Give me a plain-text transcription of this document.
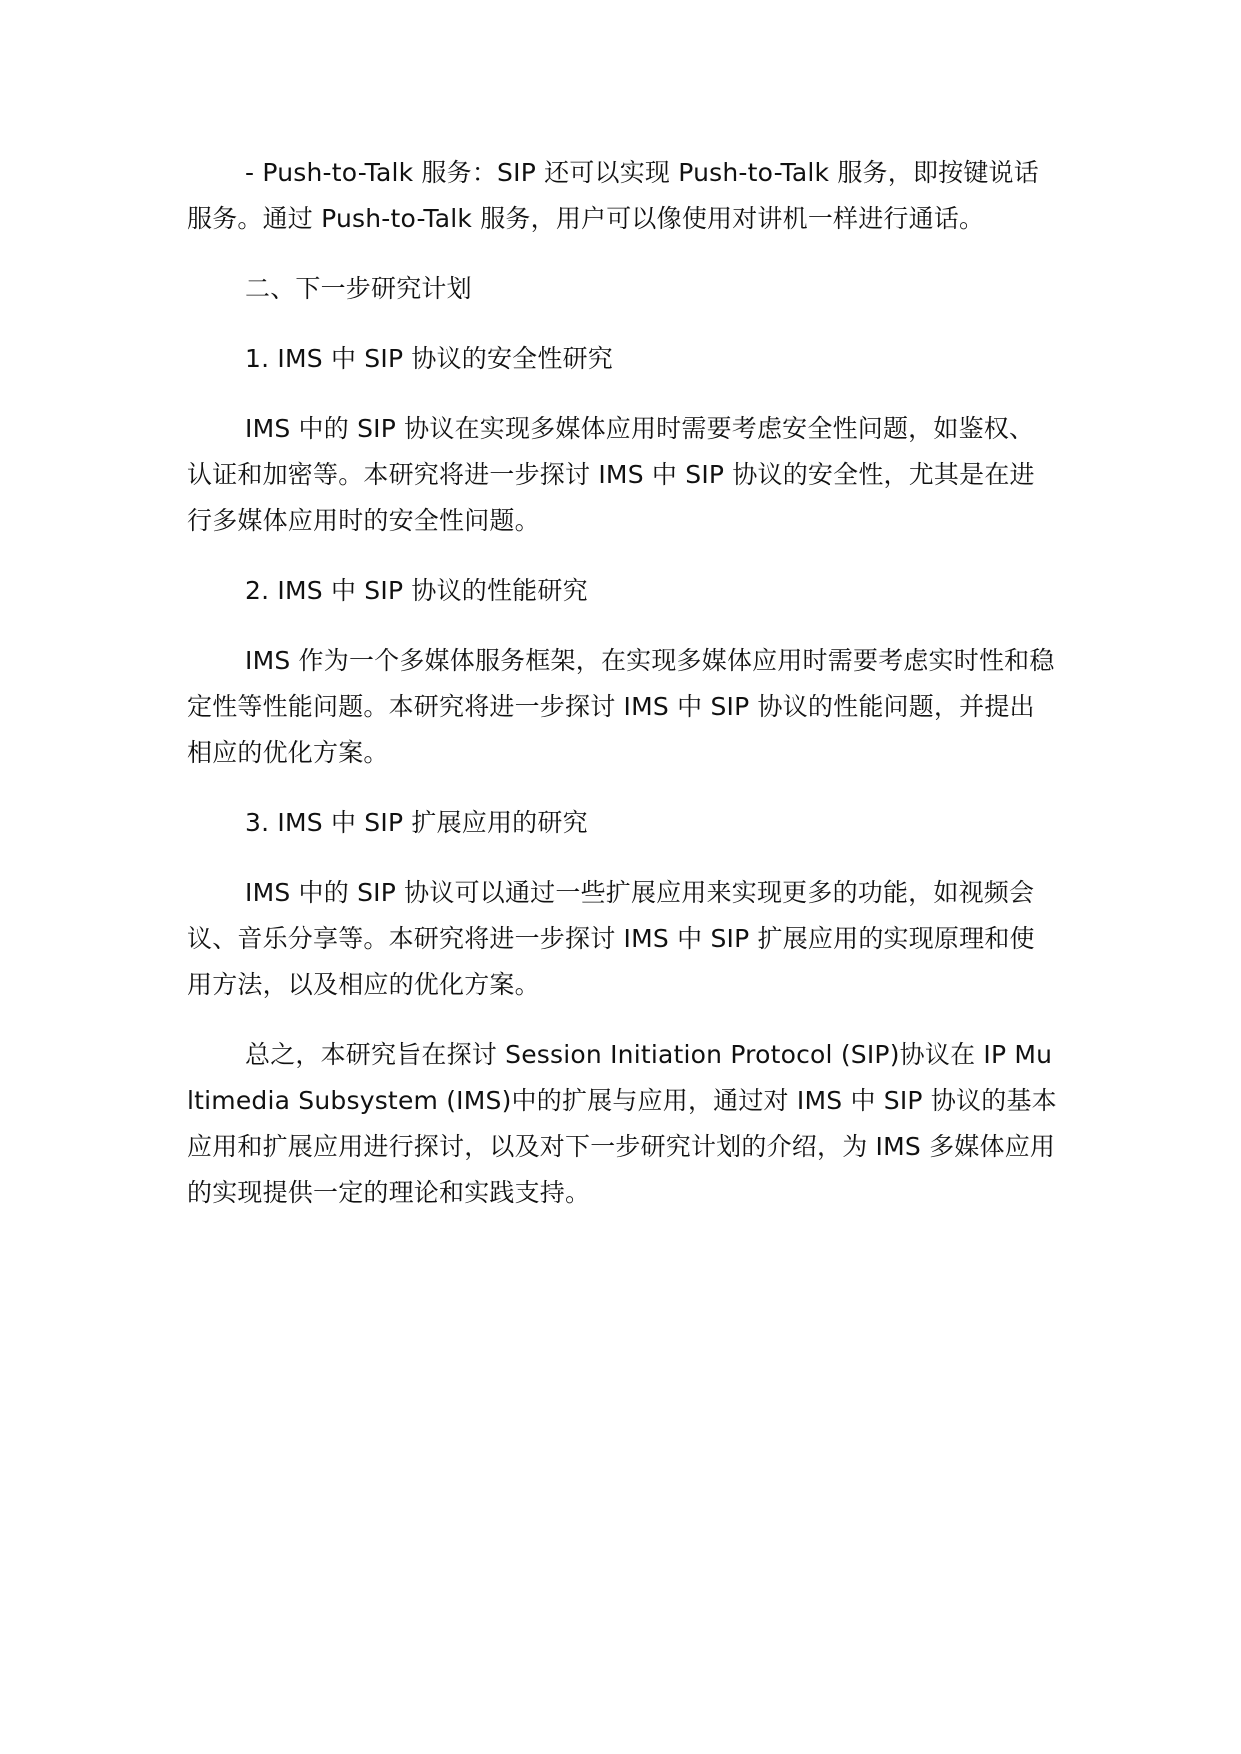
- Push-to-Talk 服务：SIP 还可以实现 Push-to-Talk 服务，即按键说话服务。通过 Push-to-Talk 服务，用户可以像使用对讲机一样进行通话。

二、下一步研究计划

1. IMS 中 SIP 协议的安全性研究

IMS 中的 SIP 协议在实现多媒体应用时需要考虑安全性问题，如鉴权、认证和加密等。本研究将进一步探讨 IMS 中 SIP 协议的安全性，尤其是在进行多媒体应用时的安全性问题。

2. IMS 中 SIP 协议的性能研究

IMS 作为一个多媒体服务框架，在实现多媒体应用时需要考虑实时性和稳定性等性能问题。本研究将进一步探讨 IMS 中 SIP 协议的性能问题，并提出相应的优化方案。

3. IMS 中 SIP 扩展应用的研究

IMS 中的 SIP 协议可以通过一些扩展应用来实现更多的功能，如视频会议、音乐分享等。本研究将进一步探讨 IMS 中 SIP 扩展应用的实现原理和使用方法，以及相应的优化方案。

总之，本研究旨在探讨 Session Initiation Protocol (SIP)协议在 IP Multimedia Subsystem (IMS)中的扩展与应用，通过对 IMS 中 SIP 协议的基本应用和扩展应用进行探讨，以及对下一步研究计划的介绍，为 IMS 多媒体应用的实现提供一定的理论和实践支持。
